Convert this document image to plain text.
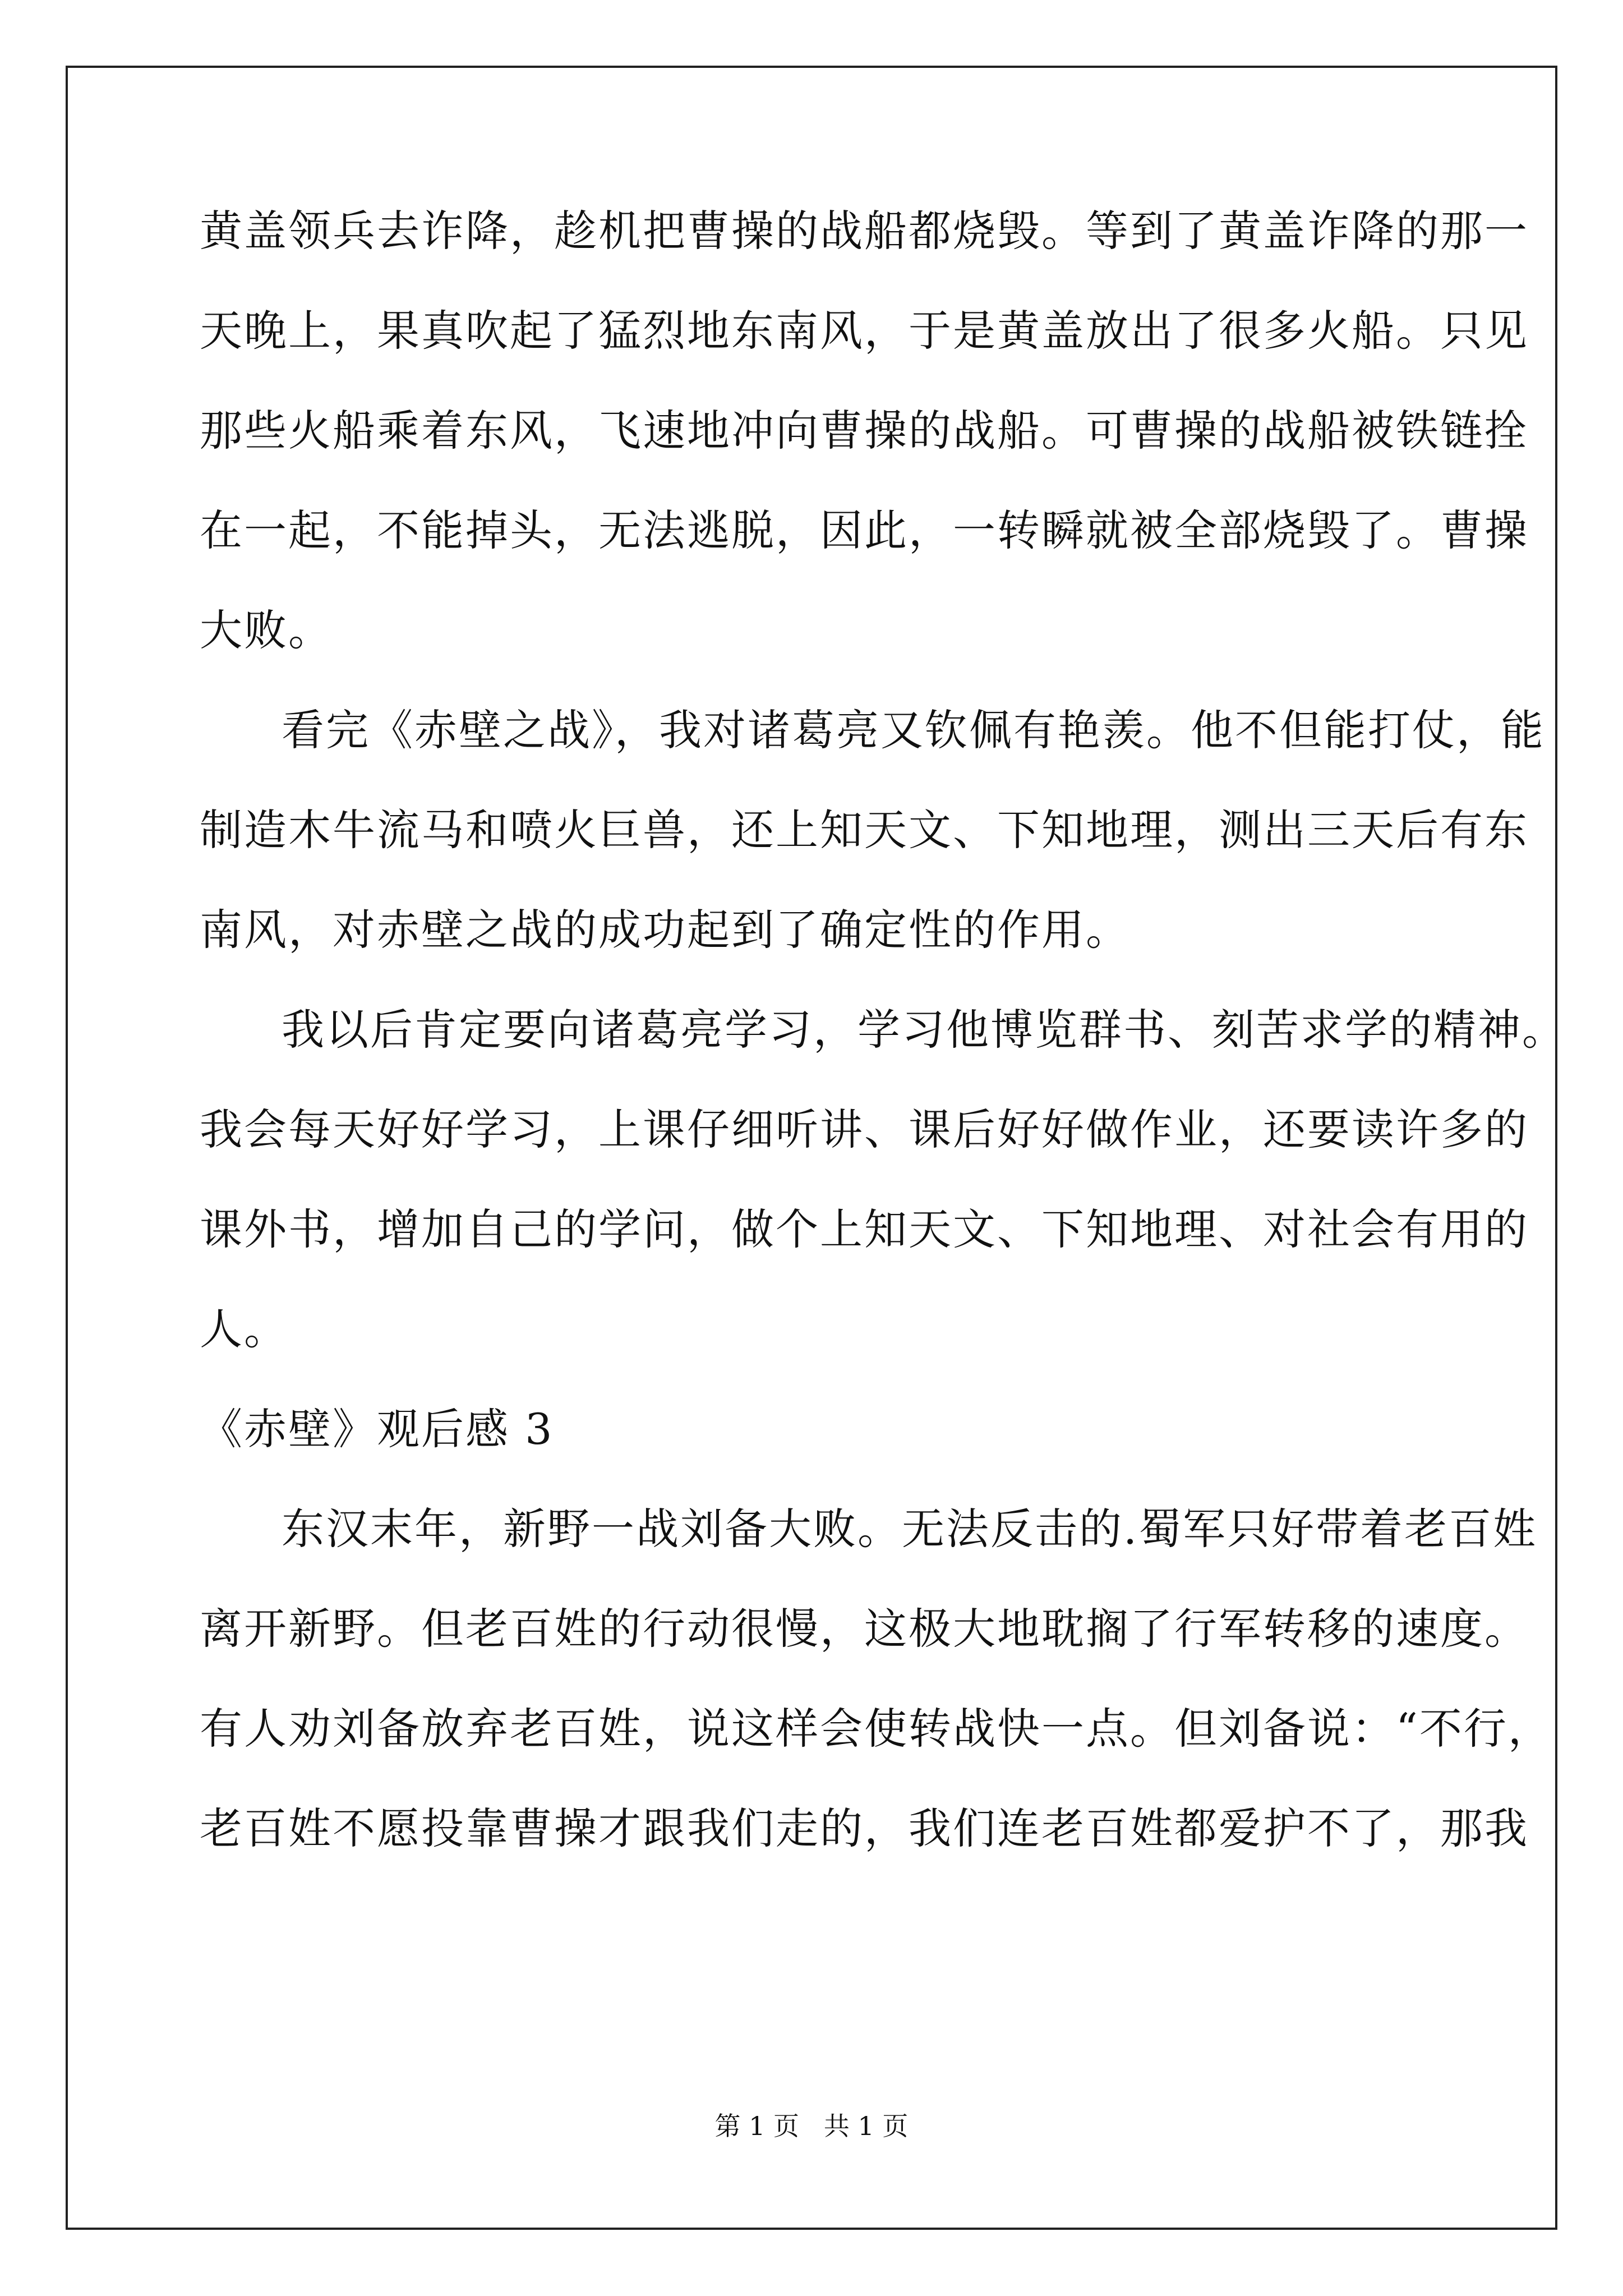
黄盖领兵去诈降，趁机把曹操的战船都烧毁。等到了黄盖诈降的那一
天晚上，果真吹起了猛烈地东南风，于是黄盖放出了很多火船。只见
那些火船乘着东风，飞速地冲向曹操的战船。可曹操的战船被铁链拴
在一起，不能掉头，无法逃脱，因此，一转瞬就被全部烧毁了。曹操
大败。
看完《赤壁之战》，我对诸葛亮又钦佩有艳羡。他不但能打仗，能
制造木牛流马和喷火巨兽，还上知天文、下知地理，测出三天后有东
南风，对赤壁之战的成功起到了确定性的作用。
我以后肯定要向诸葛亮学习，学习他博览群书、刻苦求学的精神。
我会每天好好学习，上课仔细听讲、课后好好做作业，还要读许多的
课外书，增加自己的学问，做个上知天文、下知地理、对社会有用的
人。
《赤壁》观后感 3
东汉末年，新野一战刘备大败。无法反击的.蜀军只好带着老百姓
离开新野。但老百姓的行动很慢，这极大地耽搁了行军转移的速度。
有人劝刘备放弃老百姓，说这样会使转战快一点。但刘备说：“不行，
老百姓不愿投靠曹操才跟我们走的，我们连老百姓都爱护不了，那我
第 1 页   共 1 页
